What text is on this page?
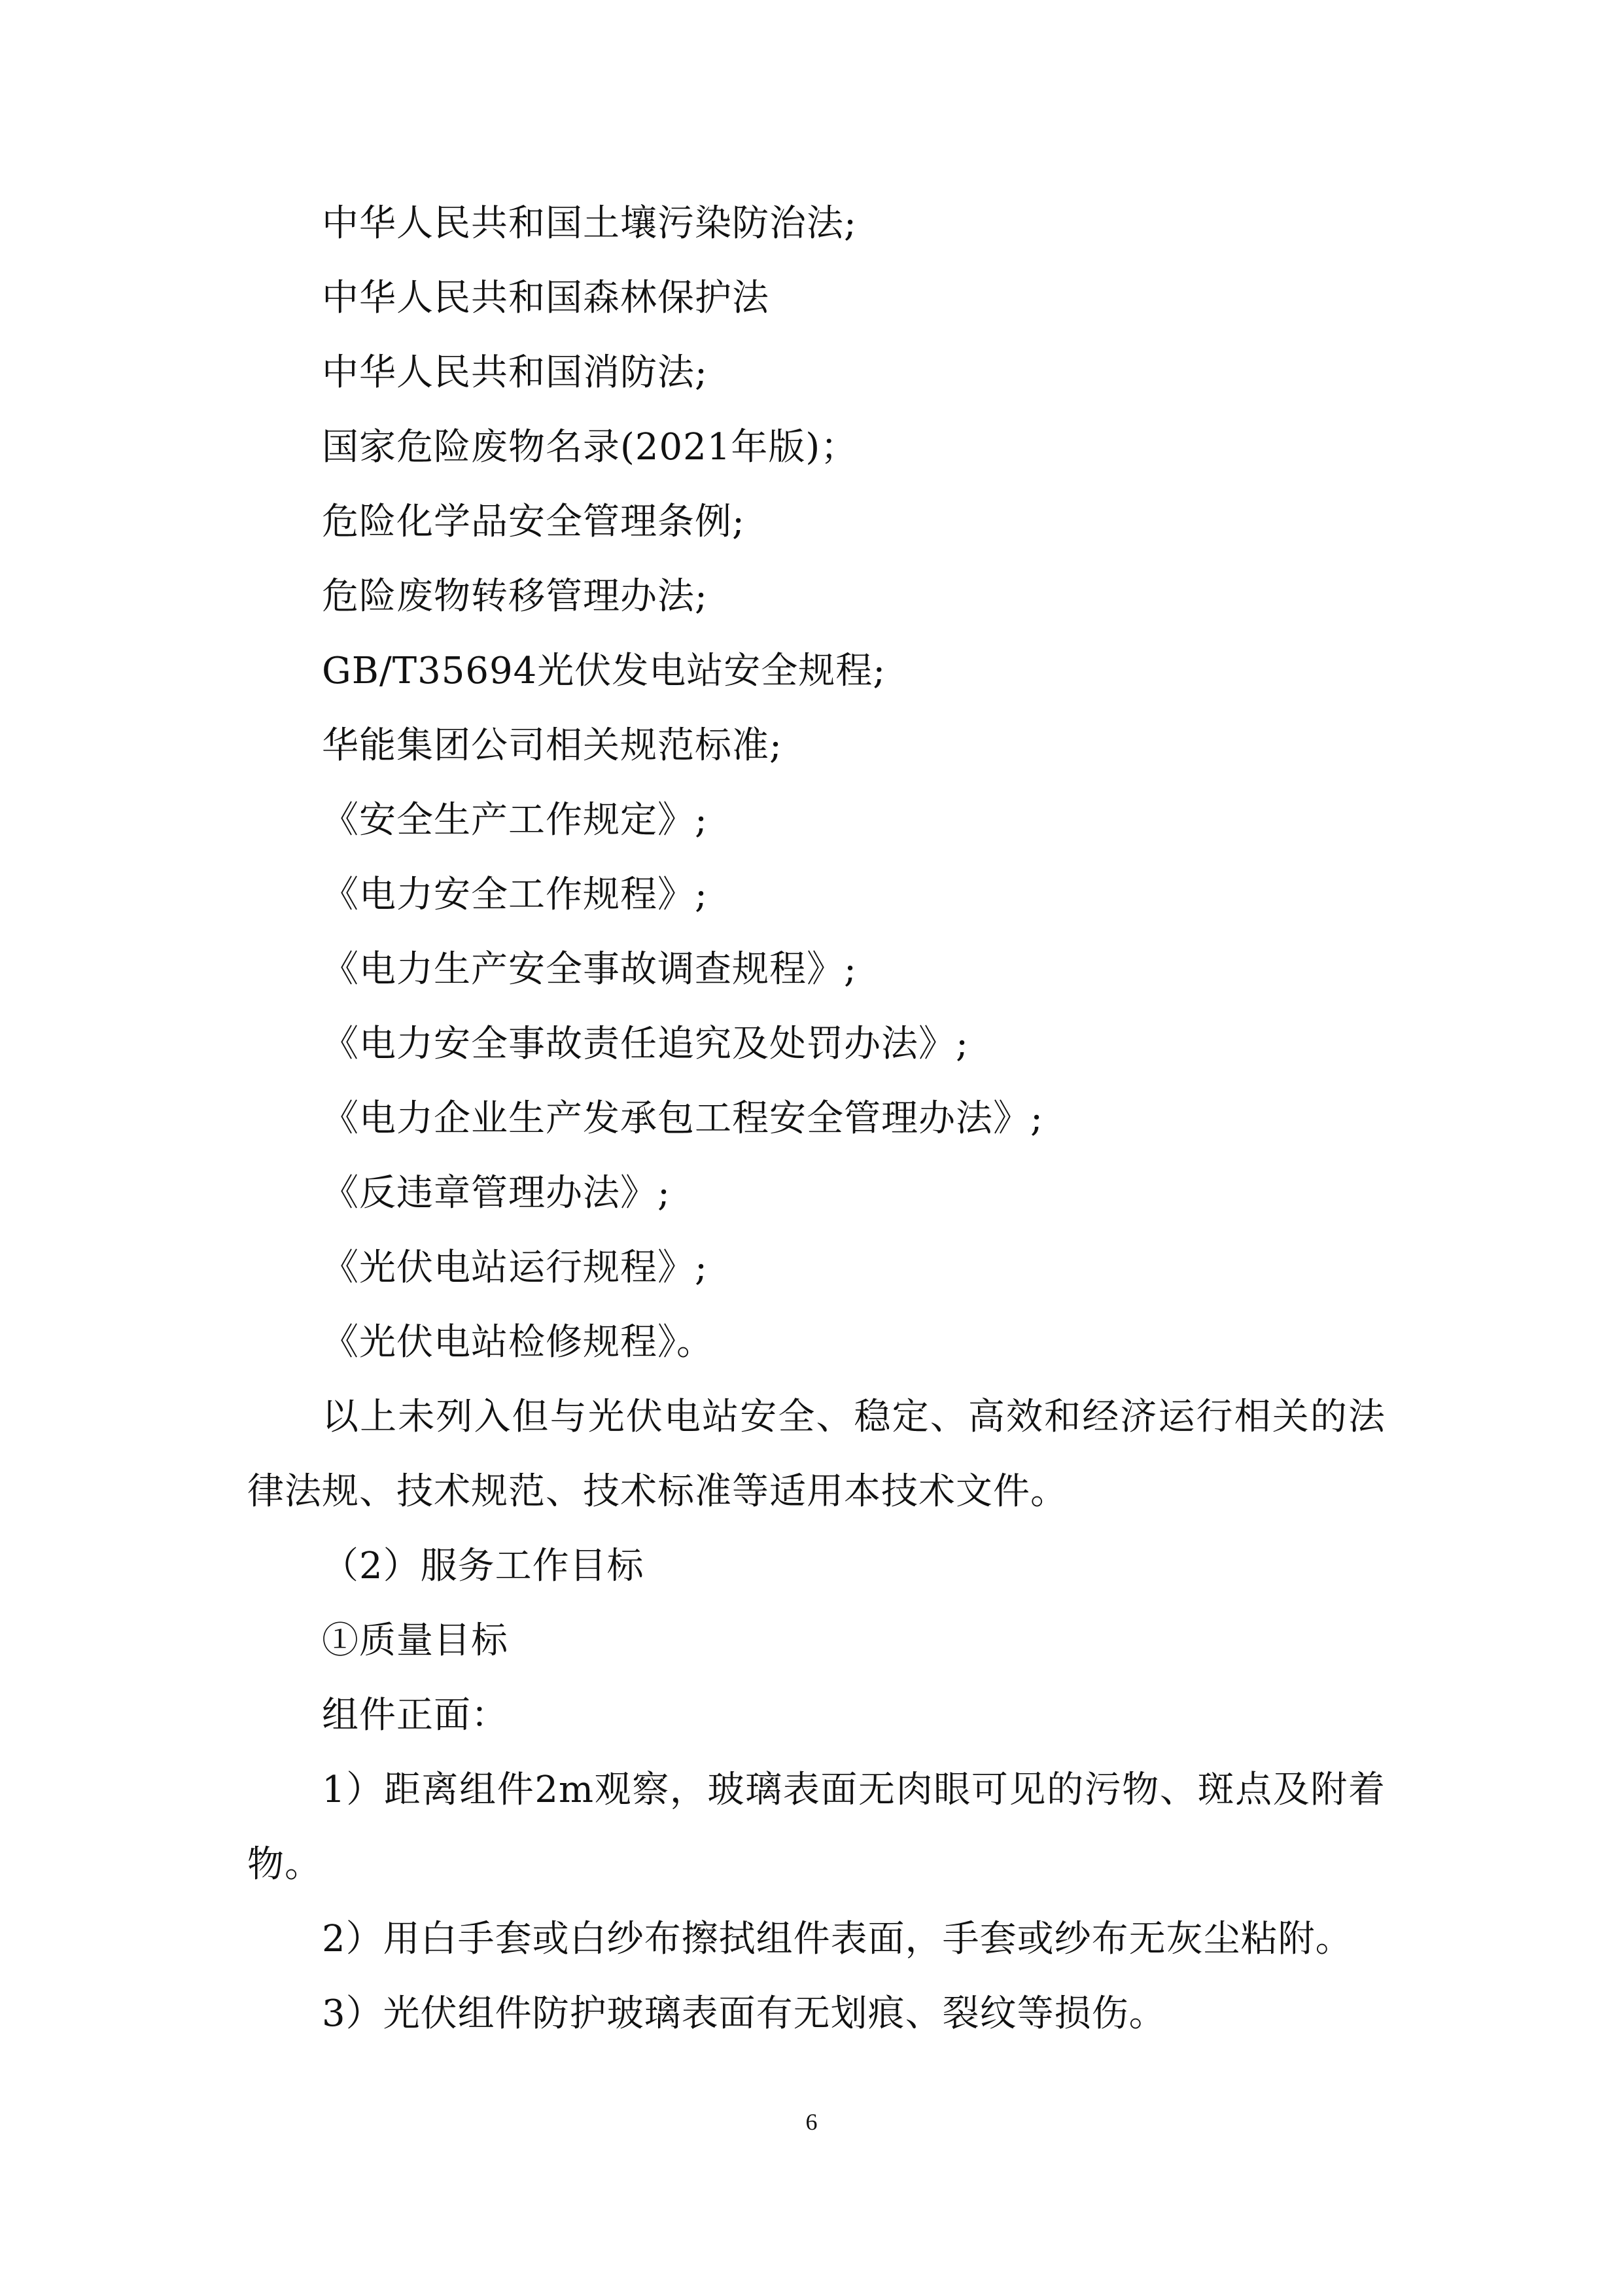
中华人民共和国土壤污染防治法;
中华人民共和国森林保护法
中华人民共和国消防法;
国家危险废物名录(2021年版)；
危险化学品安全管理条例;
危险废物转移管理办法;
GB/T35694光伏发电站安全规程;
华能集团公司相关规范标准;
《安全生产工作规定》;
《电力安全工作规程》;
《电力生产安全事故调查规程》;
《电力安全事故责任追究及处罚办法》;
《电力企业生产发承包工程安全管理办法》;
《反违章管理办法》;
《光伏电站运行规程》;
《光伏电站检修规程》。
以上未列入但与光伏电站安全、稳定、高效和经济运行相关的法律法规、技术规范、技术标准等适用本技术文件。
（2）服务工作目标
①质量目标
组件正面：
1）距离组件2m观察，玻璃表面无肉眼可见的污物、斑点及附着物。
2）用白手套或白纱布擦拭组件表面，手套或纱布无灰尘粘附。
3）光伏组件防护玻璃表面有无划痕、裂纹等损伤。
6
